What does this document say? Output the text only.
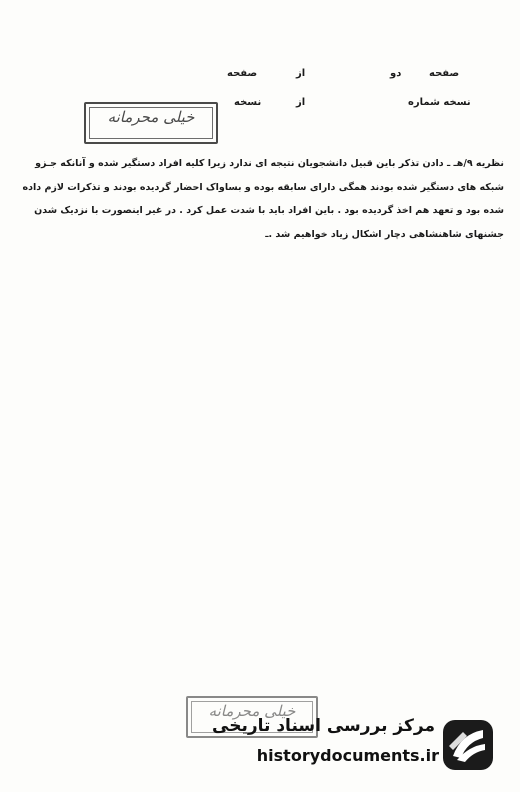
صفحه
دو
از
صفحه
نسخه شماره
از
نسخه
خیلی محرمانه

نظریه ۹/هـ ـ دادن تذکر باین قبیل دانشجویان نتیجه ای ندارد زیرا کلیه افراد دستگیر شده و آنانکه جـزو

شبکه های دستگیر شده بودند همگی دارای سابقه بوده و بساواک احضار گردیده بودند و تذکرات لازم داده

شده بود و تعهد هم اخذ گردیده بود . باین افراد باید با شدت عمل کرد . در غیر اینصورت با نزدیک شدن

جشنهای شاهنشاهی دچار اشکال زیاد خواهیم شد .ـ

خیلی محرمانه
مرکز بررسی اسناد تاریخی
historydocuments.ir
